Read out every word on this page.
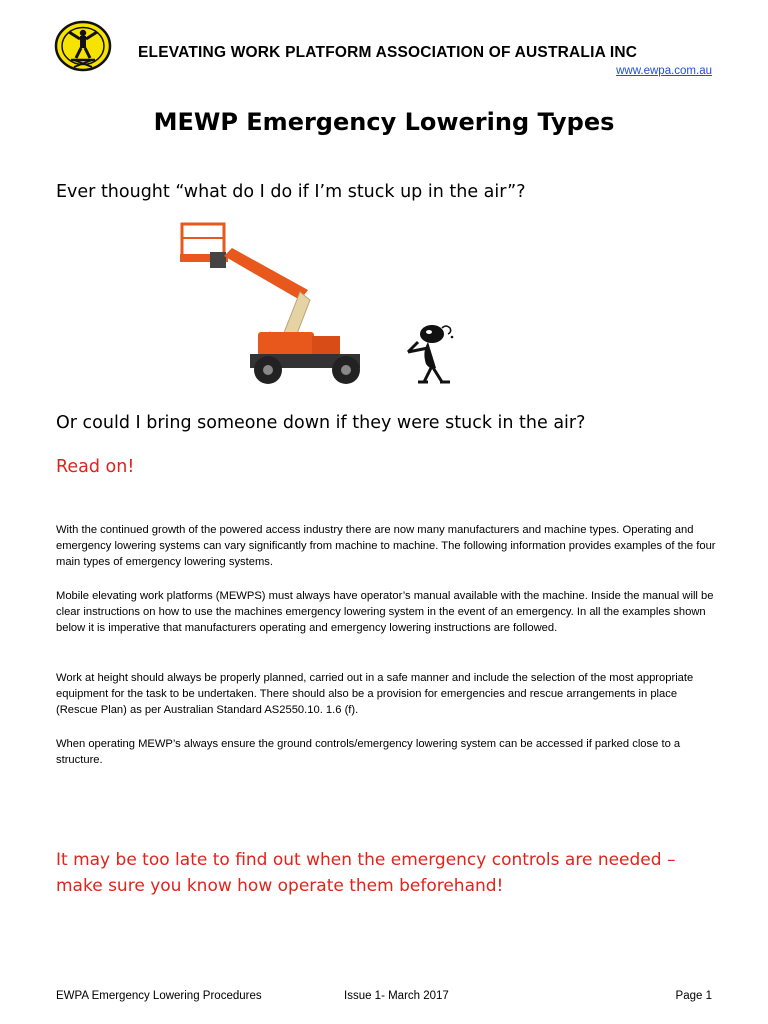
ELEVATING WORK PLATFORM ASSOCIATION OF AUSTRALIA INC
www.ewpa.com.au
MEWP Emergency Lowering Types
Ever thought “what do I do if I’m stuck up in the air”?
Or could I bring someone down if they were stuck in the air?
Read on!

With the continued growth of the powered access industry there are now many manufacturers and machine types. Operating and emergency lowering systems can vary significantly from machine to machine. The following information provides examples of the four main types of emergency lowering systems.

Mobile elevating work platforms (MEWPS) must always have operator’s manual available with the machine. Inside the manual will be clear instructions on how to use the machines emergency lowering system in the event of an emergency. In all the examples shown below it is imperative that manufacturers operating and emergency lowering instructions are followed.

Work at height should always be properly planned, carried out in a safe manner and include the selection of the most appropriate equipment for the task to be undertaken. There should also be a provision for emergencies and rescue arrangements in place (Rescue Plan) as per Australian Standard AS2550.10. 1.6 (f).

When operating MEWP’s always ensure the ground controls/emergency lowering system can be accessed if parked close to a structure.

It may be too late to find out when the emergency controls are needed – make sure you know how operate them beforehand!

EWPA Emergency Lowering Procedures	Issue 1- March 2017	Page 1
